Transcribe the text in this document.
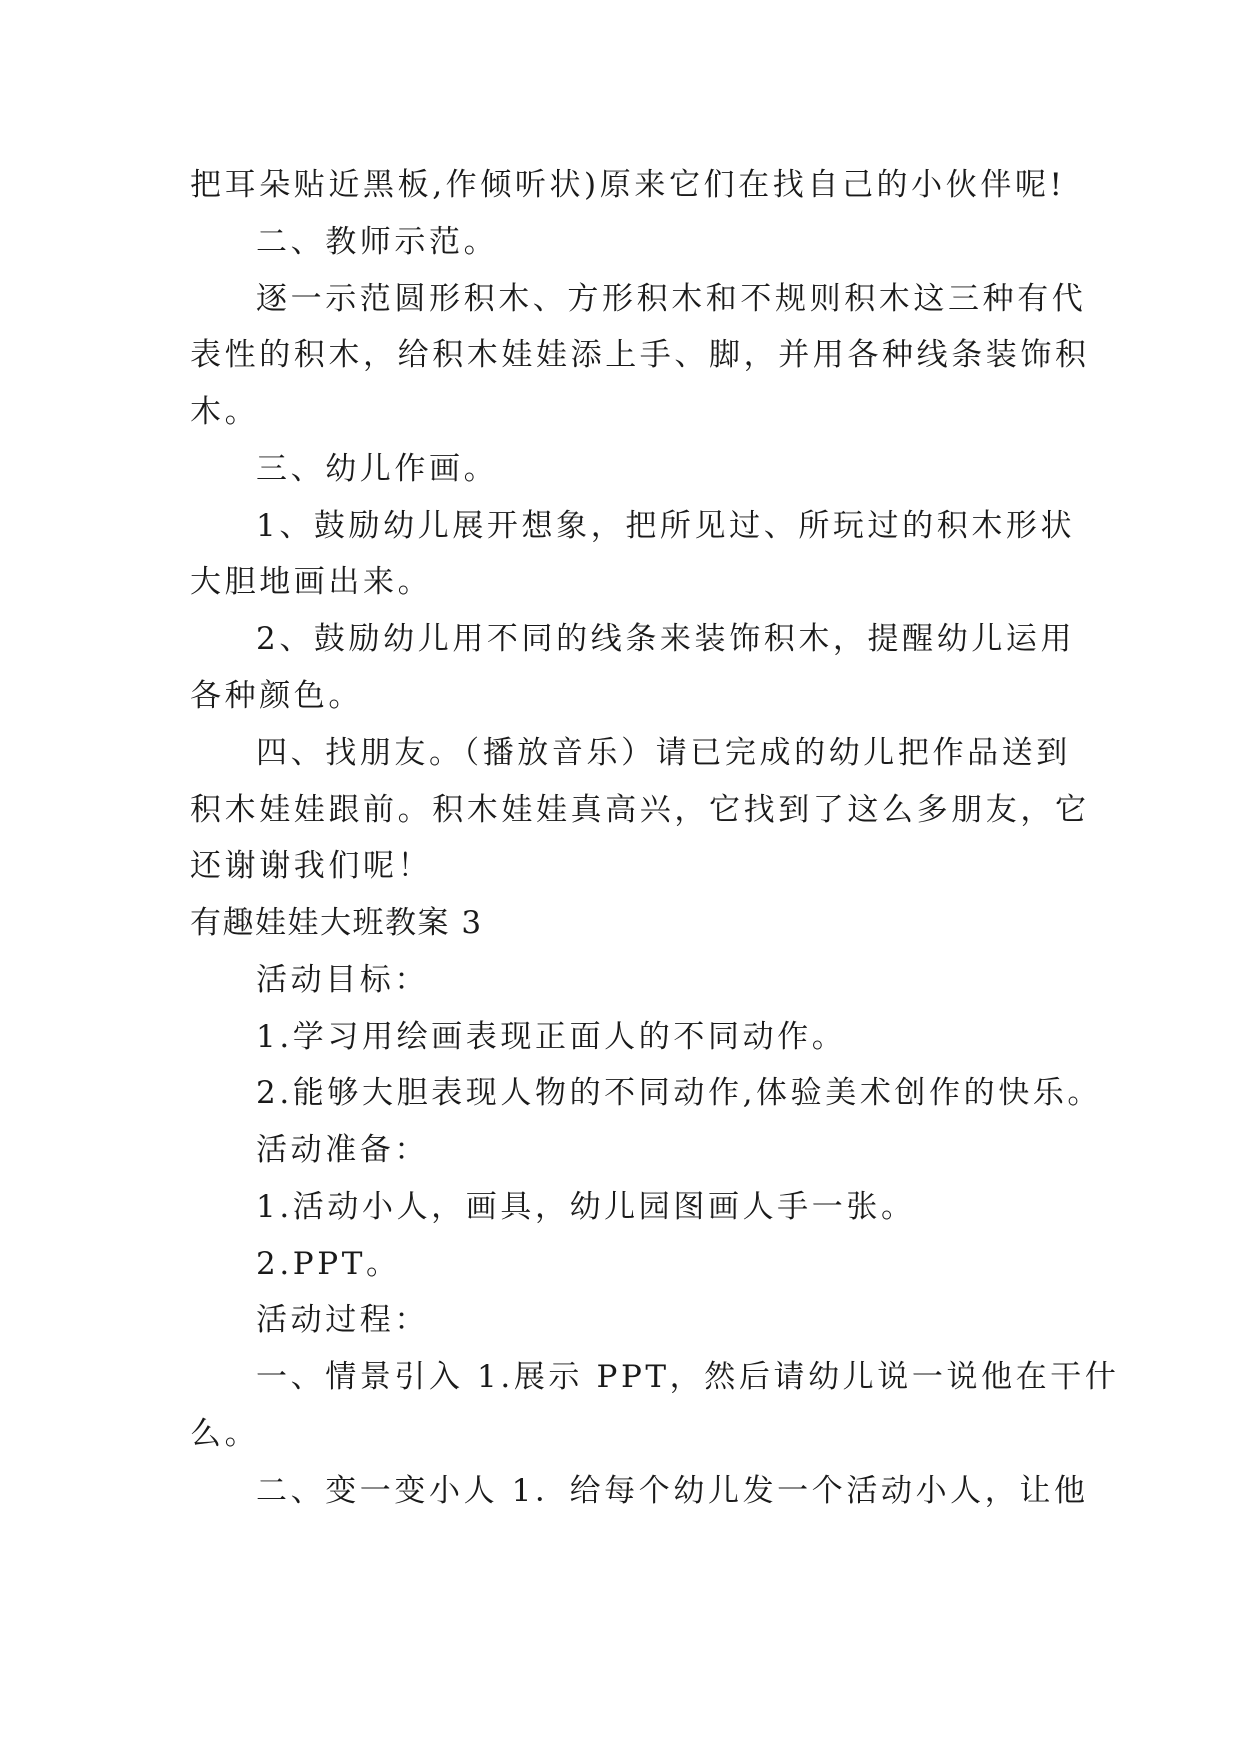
把耳朵贴近黑板,作倾听状)原来它们在找自己的小伙伴呢!

二、教师示范。

逐一示范圆形积木、方形积木和不规则积木这三种有代

表性的积木，给积木娃娃添上手、脚，并用各种线条装饰积

木。

三、幼儿作画。

1、鼓励幼儿展开想象，把所见过、所玩过的积木形状

大胆地画出来。

2、鼓励幼儿用不同的线条来装饰积木，提醒幼儿运用

各种颜色。

四、找朋友。（播放音乐）请已完成的幼儿把作品送到

积木娃娃跟前。积木娃娃真高兴，它找到了这么多朋友，它

还谢谢我们呢！

有趣娃娃大班教案 3

活动目标：

1.学习用绘画表现正面人的不同动作。

2.能够大胆表现人物的不同动作,体验美术创作的快乐。

活动准备：

1.活动小人，画具，幼儿园图画人手一张。

2.PPT。

活动过程：

一、情景引入 1.展示 PPT，然后请幼儿说一说他在干什

么。

二、变一变小人 1．给每个幼儿发一个活动小人，让他
